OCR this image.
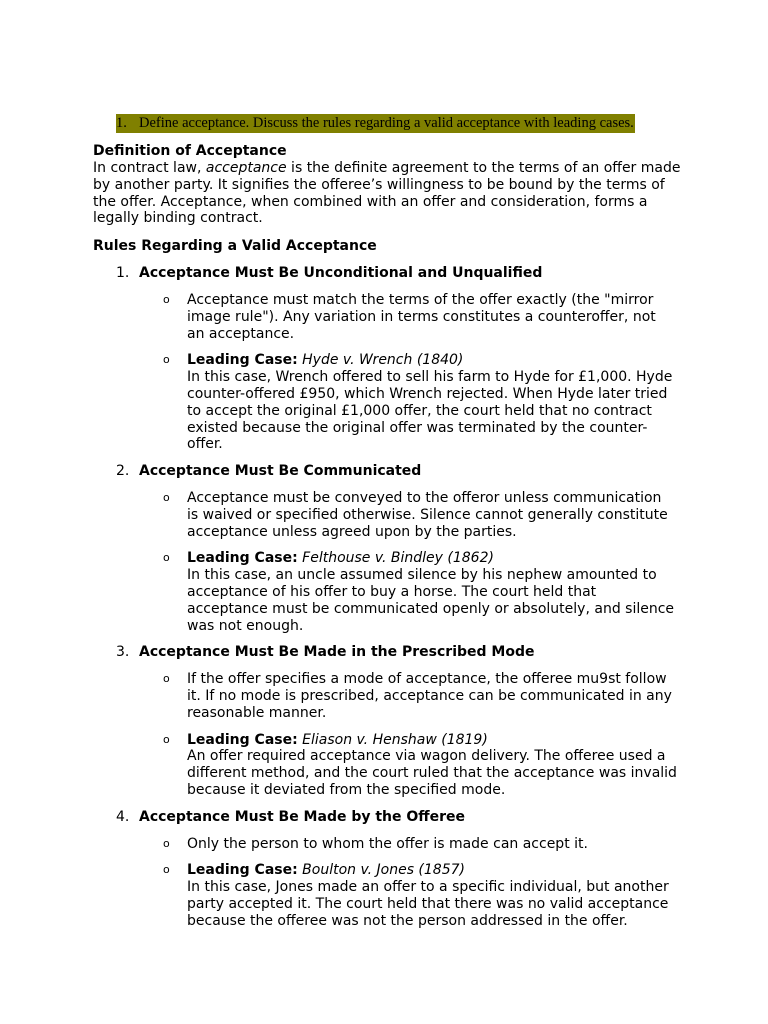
1. Define acceptance. Discuss the rules regarding a valid acceptance with leading cases.
Definition of Acceptance

In contract law, acceptance is the definite agreement to the terms of an offer made by another party. It signifies the offeree’s willingness to be bound by the terms of the offer. Acceptance, when combined with an offer and consideration, forms a legally binding contract.

Rules Regarding a Valid Acceptance
1. Acceptance Must Be Unconditional and Unqualified
o	Acceptance must match the terms of the offer exactly (the "mirror image rule"). Any variation in terms constitutes a counteroffer, not an acceptance.
o	Leading Case: Hyde v. Wrench (1840)
In this case, Wrench offered to sell his farm to Hyde for £1,000. Hyde counter-offered £950, which Wrench rejected. When Hyde later tried to accept the original £1,000 offer, the court held that no contract existed because the original offer was terminated by the counter-offer.
2. Acceptance Must Be Communicated
o	Acceptance must be conveyed to the offeror unless communication is waived or specified otherwise. Silence cannot generally constitute acceptance unless agreed upon by the parties.
o	Leading Case: Felthouse v. Bindley (1862)
In this case, an uncle assumed silence by his nephew amounted to acceptance of his offer to buy a horse. The court held that acceptance must be communicated openly or absolutely, and silence was not enough.
3. Acceptance Must Be Made in the Prescribed Mode
o	If the offer specifies a mode of acceptance, the offeree mu9st follow it. If no mode is prescribed, acceptance can be communicated in any reasonable manner.
o	Leading Case: Eliason v. Henshaw (1819)
An offer required acceptance via wagon delivery. The offeree used a different method, and the court ruled that the acceptance was invalid because it deviated from the specified mode.
4. Acceptance Must Be Made by the Offeree
o	Only the person to whom the offer is made can accept it.
o	Leading Case: Boulton v. Jones (1857)
In this case, Jones made an offer to a specific individual, but another party accepted it. The court held that there was no valid acceptance because the offeree was not the person addressed in the offer.
